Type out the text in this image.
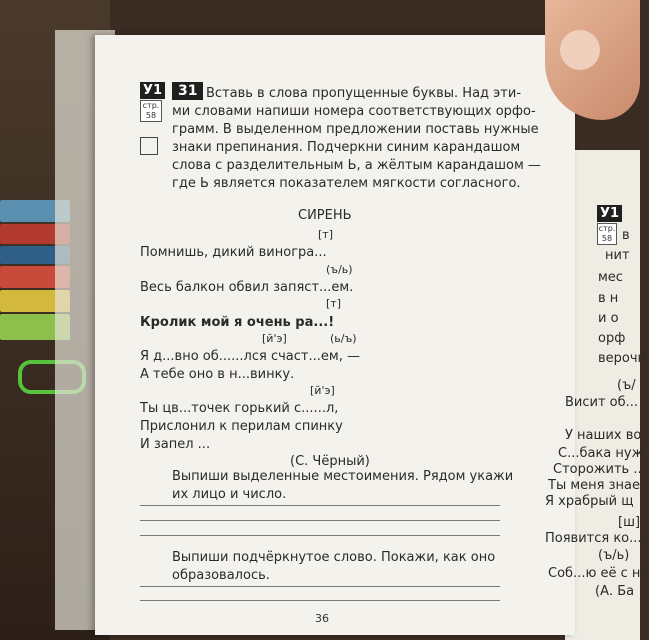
У1
стр.
58
31 Вставь в слова пропущенные буквы. Над эти-
ми словами напиши номера соответствующих орфо-
грамм. В выделенном предложении поставь нужные
знаки препинания. Подчеркни синим карандашом
слова с разделительным Ь, а жёлтым карандашом —
где Ь является показателем мягкости согласного.
СИРЕНЬ
[т]
Помнишь, дикий виногра...
(ъ/ь)
Весь балкон обвил запяст...ем.
[т]
Кролик мой я очень ра...!
[й'э]	(ь/ъ)
Я д...вно об......лся счаст...ем, —
А тебе оно в н...винку.
[й'э]
Ты цв...точек горький с......л,
Прислонил к перилам спинку
И запел ...
(С. Чёрный)
Выпиши выделенные местоимения. Рядом укажи
их лицо и число.
Выпиши подчёркнутое слово. Покажи, как оно
образовалось.
36
У1
стр.
58 в
нит
мес
в н
и о
орф
верочн
(ъ/
Висит об...
У наших во
С...бака нуж
Сторожить ..
Ты меня знае
Я храбрый щ
[ш]
Появится ко...к
(ъ/ь)
Соб...ю её с но
(А. Ба
